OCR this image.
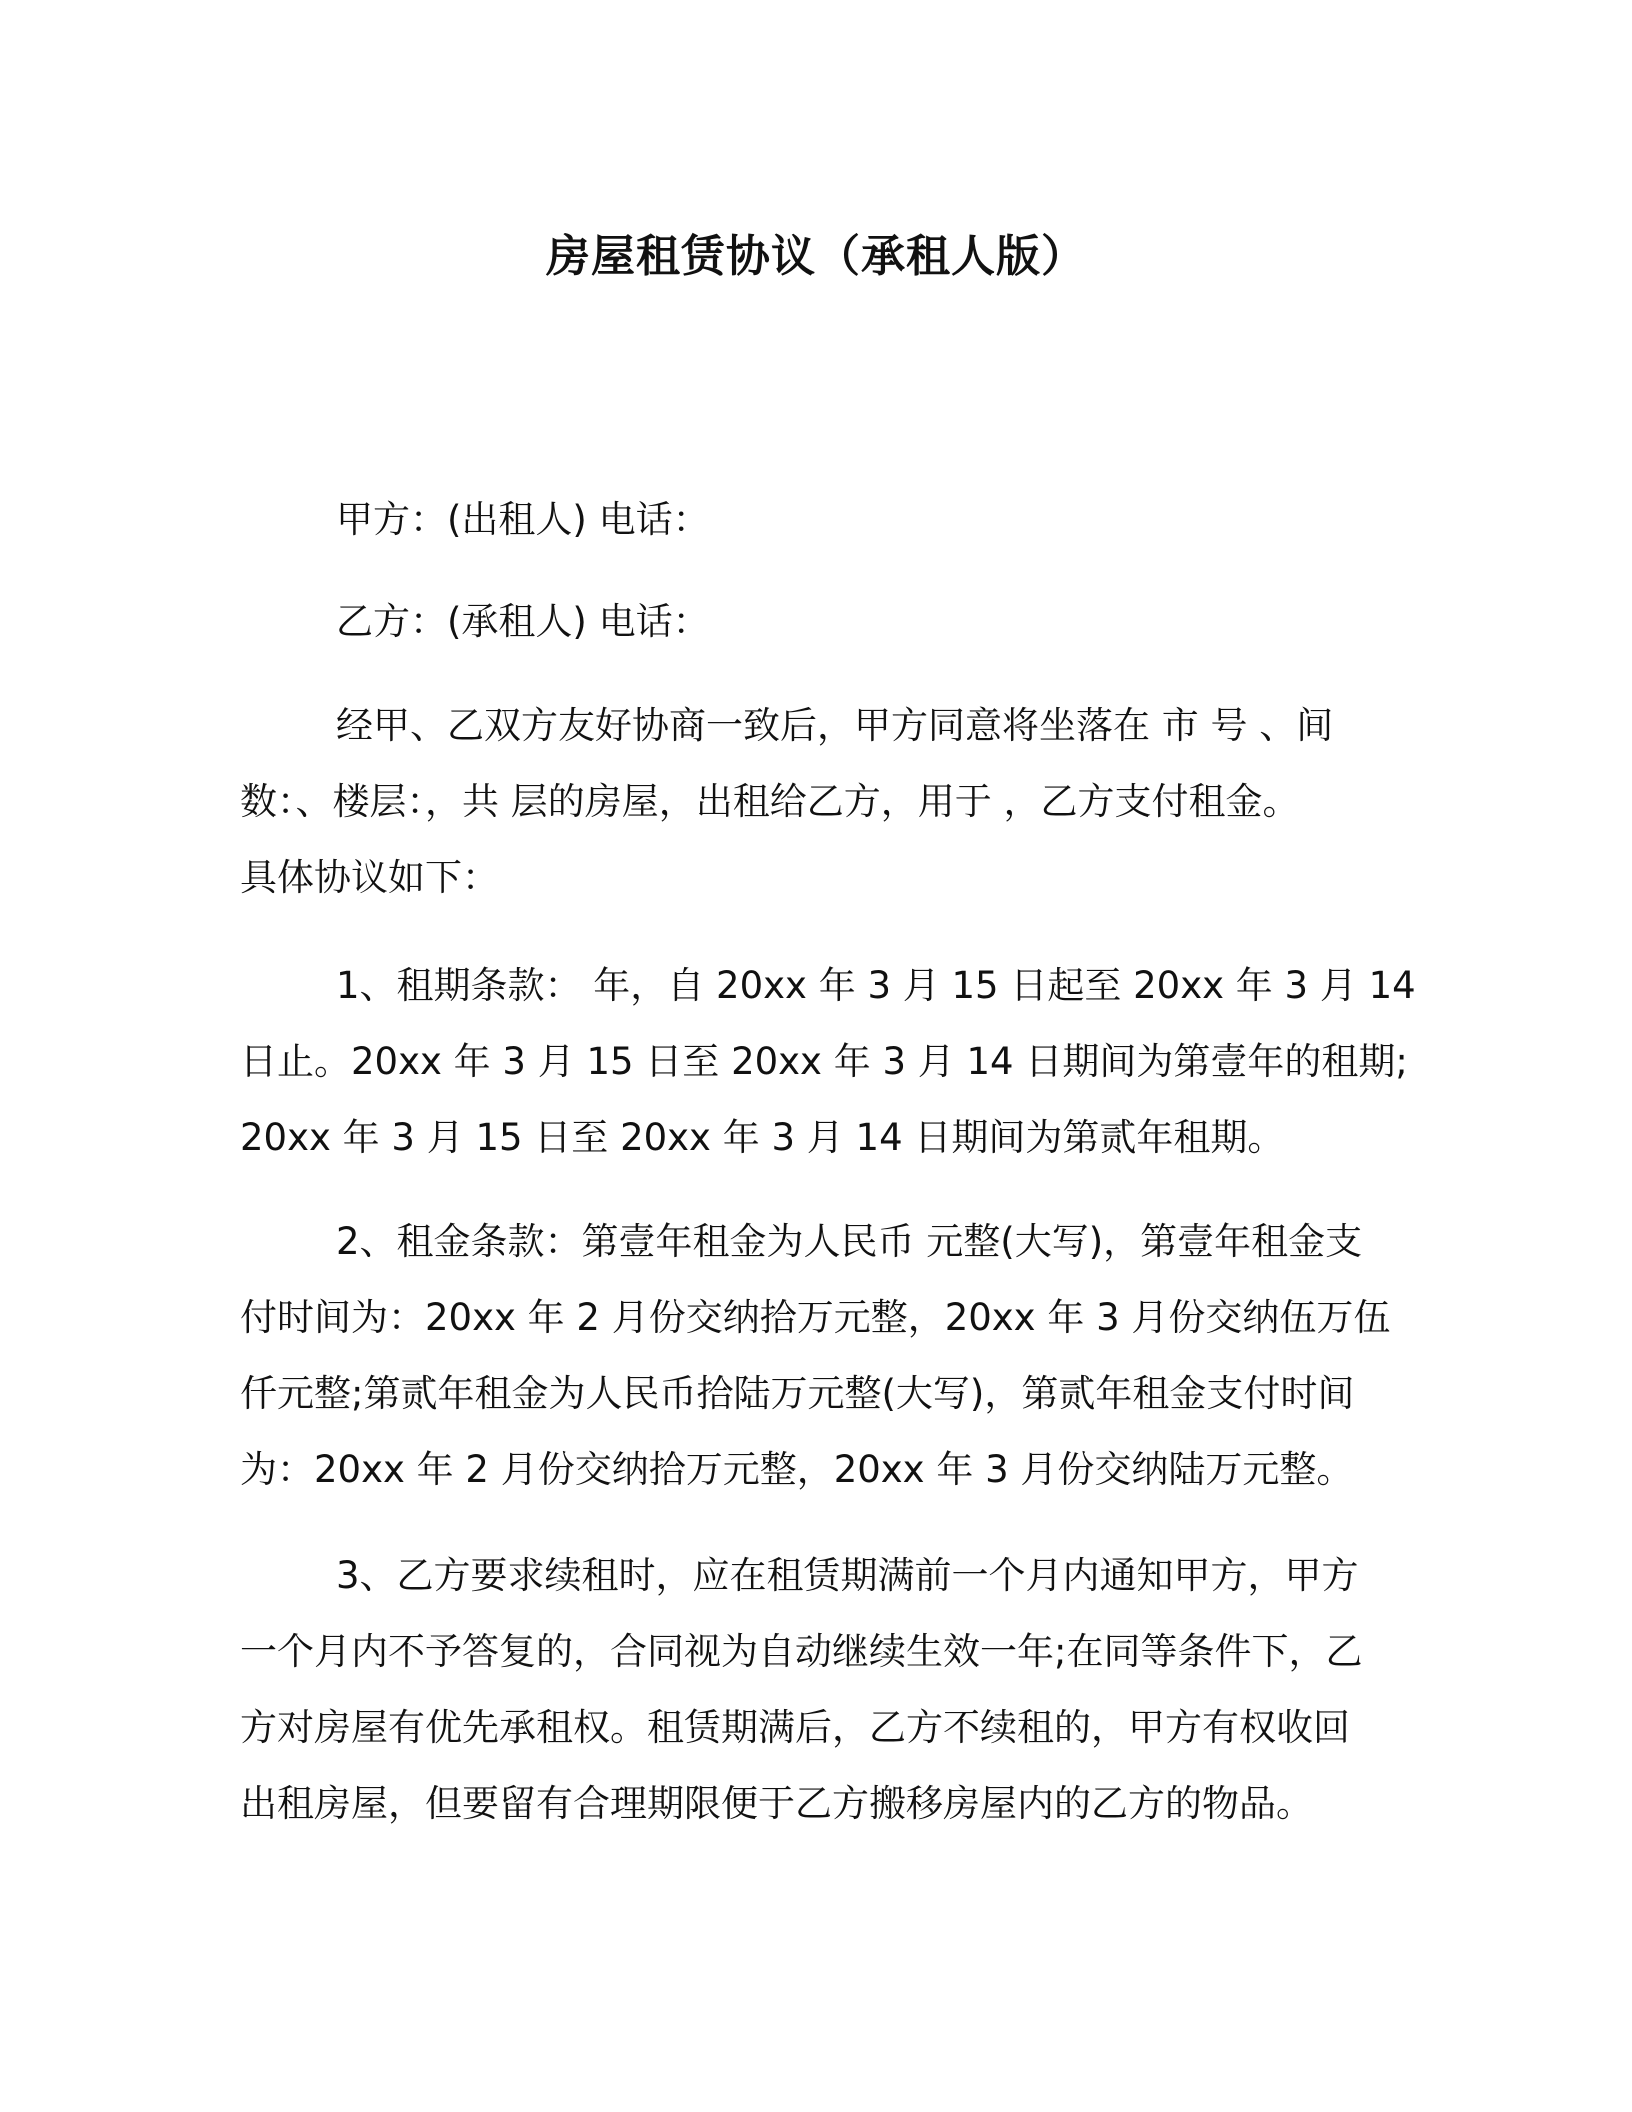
房屋租赁协议（承租人版）

甲方：(出租人) 电话：

乙方：(承租人) 电话：

经甲、乙双方友好协商一致后，甲方同意将坐落在 市 号 、间

数：、楼层：，共 层的房屋，出租给乙方，用于 ，乙方支付租金。

具体协议如下：

1、租期条款： 年，自 20xx 年 3 月 15 日起至 20xx 年 3 月 14

日止。20xx 年 3 月 15 日至 20xx 年 3 月 14 日期间为第壹年的租期;

20xx 年 3 月 15 日至 20xx 年 3 月 14 日期间为第贰年租期。

2、租金条款：第壹年租金为人民币 元整(大写)，第壹年租金支

付时间为：20xx 年 2 月份交纳拾万元整，20xx 年 3 月份交纳伍万伍

仟元整;第贰年租金为人民币拾陆万元整(大写)，第贰年租金支付时间

为：20xx 年 2 月份交纳拾万元整，20xx 年 3 月份交纳陆万元整。

3、乙方要求续租时，应在租赁期满前一个月内通知甲方，甲方

一个月内不予答复的，合同视为自动继续生效一年;在同等条件下，乙

方对房屋有优先承租权。租赁期满后，乙方不续租的，甲方有权收回

出租房屋，但要留有合理期限便于乙方搬移房屋内的乙方的物品。
